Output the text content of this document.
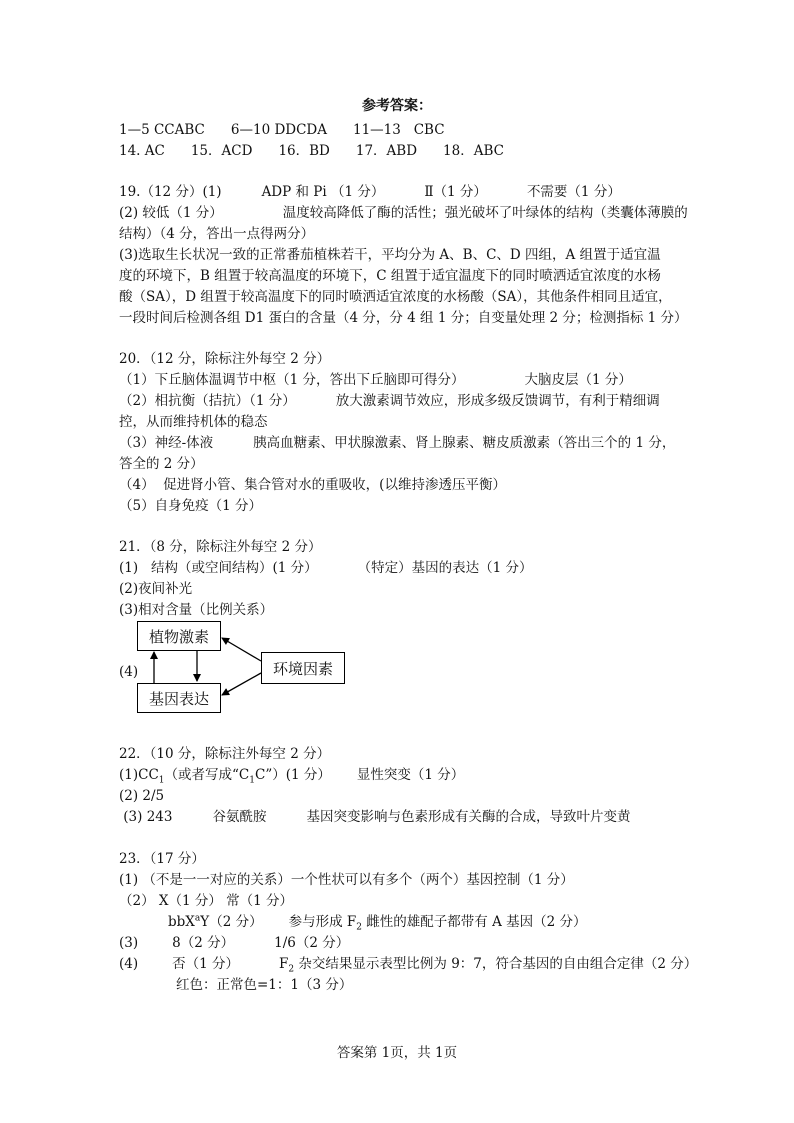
参考答案：
1—5 CCABC 6—10 DDCDA 11—13   CBC
14. AC 15．ACD 16．BD 17．ABD 18．ABC
19.（12 分）(1)	ADP 和 Pi （1 分）	Ⅱ（1 分）	不需要（1 分）
(2) 较低（1 分）	温度较高降低了酶的活性；强光破坏了叶绿体的结构（类囊体薄膜的
结构）（4 分，答出一点得两分）
(3)选取生长状况一致的正常番茄植株若干，平均分为 A、B、C、D 四组，A 组置于适宜温
度的环境下，B 组置于较高温度的环境下，C 组置于适宜温度下的同时喷洒适宜浓度的水杨
酸（SA），D 组置于较高温度下的同时喷洒适宜浓度的水杨酸（SA），其他条件相同且适宜，
一段时间后检测各组 D1 蛋白的含量（4 分，分 4 组 1 分；自变量处理 2 分；检测指标 1 分）
20．（12 分，除标注外每空 2 分）
（1）下丘脑体温调节中枢（1 分，答出下丘脑即可得分）	大脑皮层（1 分）
（2）相抗衡（拮抗）（1 分）	放大激素调节效应，形成多级反馈调节，有利于精细调
控，从而维持机体的稳态
（3）神经-体液	胰高血糖素、甲状腺激素、肾上腺素、糖皮质激素（答出三个的 1 分，
答全的 2 分）
（4）  促进肾小管、集合管对水的重吸收，(以维持渗透压平衡）
（5）自身免疫（1 分）
21．（8 分，除标注外每空 2 分）
(1)   结构（或空间结构）(1 分）	（特定）基因的表达（1 分）
(2)夜间补光
(3)相对含量（比例关系）
(4)
植物激素
基因表达
环境因素
22．（10 分，除标注外每空 2 分）
$(1)CC_1$（或者写成“$C_1C”)(1$ 分） 显性突变（1 分）
(2) 2/5
(3) 243	谷氨酰胺	基因突变影响与色素形成有关酶的合成，导致叶片变黄
23．（17 分）
(1) （不是一一对应的关系）一个性状可以有多个（两个）基因控制（1 分）
（2） X（1 分） 常（1 分）
bbX$^a$Y（2 分） 参与形成 $F_2$ 雌性的雄配子都带有 A 基因（2 分）
(3)	8（2 分）	1/6（2 分）
(4)	否（1 分）	$F_2$ 杂交结果显示表型比例为 9：7，符合基因的自由组合定律（2 分）
红色：正常色=1：1（3 分）
答案第 1页，共 1页
